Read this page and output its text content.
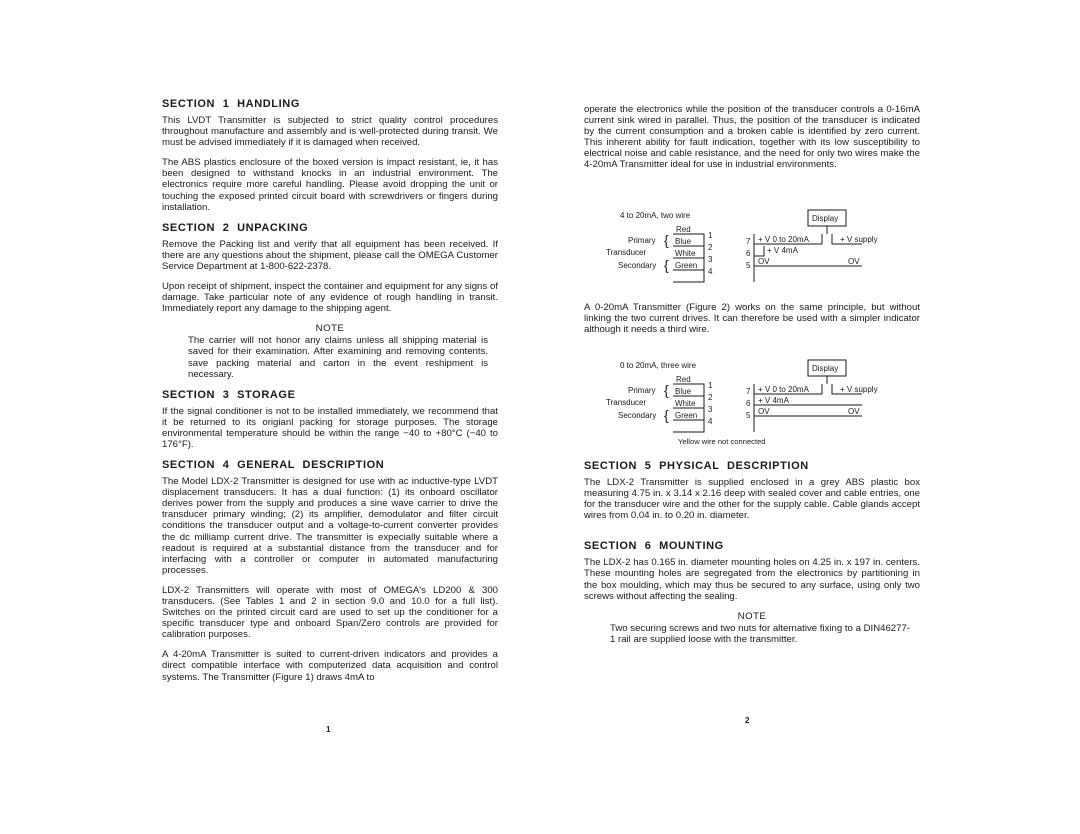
SECTION 1 HANDLING

This LVDT Transmitter is subjected to strict quality control procedures throughout manufacture and assembly and is well-protected during transit. We must be advised immediately if it is damaged when received.

The ABS plastics enclosure of the boxed version is impact resistant, ie, it has been designed to withstand knocks in an industrial environment. The electronics require more careful handling. Please avoid dropping the unit or touching the exposed printed circuit board with screwdrivers or fingers during installation.

SECTION 2 UNPACKING

Remove the Packing list and verify that all equipment has been received. If there are any questions about the shipment, please call the OMEGA Customer Service Department at 1-800-622-2378.

Upon receipt of shipment, inspect the container and equipment for any signs of damage. Take particular note of any evidence of rough handling in transit. Immediately report any damage to the shipping agent.

NOTE

The carrier will not honor any claims unless all shipping material is saved for their examination. After examining and removing contents. save packing material and carton in the event reshipment is necessary.

SECTION 3 STORAGE

If the signal conditioner is not to be installed immediately, we recommend that it be returned to its origianl packing for storage purposes. The storage environmental temperature should be within the range −40 to +80°C (−40 to 176°F).

SECTION 4 GENERAL DESCRIPTION

The Model LDX-2 Transmitter is designed for use with ac inductive-type LVDT displacement transducers. It has a dual function: (1) its onboard oscillator derives power from the supply and produces a sine wave carrier to drive the transducer primary winding; (2) its amplifier, demodulator and filter circuit conditions the transducer output and a voltage-to-current converter provides the dc milliamp current drive. The transmitter is expecially suitable where a readout is required at a substantial distance from the transducer and for interfacing with a controller or computer in automated manufacturing processes.

LDX-2 Transmitters will operate with most of OMEGA's LD200 & 300 transducers. (See Tables 1 and 2 in section 9.0 and 10.0 for a full list). Switches on the printed circuit card are used to set up the conditioner for a specific transducer type and onboard Span/Zero controls are provided for calibration purposes.

A 4-20mA Transmitter is suited to current-driven indicators and provides a direct compatible interface with computerized data acquisition and control systems. The Transmitter (Figure 1) draws 4mA to

1

operate the electronics while the position of the transducer controls a 0-16mA current sink wired in parallel. Thus, the position of the transducer is indicated by the current consumption and a broken cable is identified by zero current. This inherent ability for fault indication, together with its low susceptibility to electrical noise and cable resistance, and the need for only two wires make the 4-20mA Transmitter ideal for use in industrial environments.

4 to 20mA, two wire	Display
Red
Primary { Blue
Transducer	White
Secondary { Green
1
2
3
4
7
6
5
+ V 0 to 20mA
+ V 4mA
OV	OV
+ V supply

A 0-20mA Transmitter (Figure 2) works on the same principle, but without linking the two current drives. It can therefore be used with a simpler indicator although it needs a third wire.

0 to 20mA, three wire	Display
Red
Primary { Blue
Transducer	White
Secondary { Green
1
2
3
4
7
6
5
+ V 0 to 20mA
+ V 4mA
OV	OV
+ V supply
Yellow wire not connected
SECTION 5 PHYSICAL DESCRIPTION

The LDX-2 Transmitter is supplied enclosed in a grey ABS plastic box measuring 4.75 in. x 3.14 x 2.16 deep with sealed cover and cable entries, one for the transducer wire and the other for the supply cable. Cable glands accept wires from 0.04 in. to 0.20 in. diameter.

SECTION 6 MOUNTING

The LDX-2 has 0.165 in. diameter mounting holes on 4.25 in. x 197 in. centers. These mounting holes are segregated from the electronics by partitioning in the box moulding, which may thus be secured to any surface, using only two screws without affecting the sealing.

NOTE

Two securing screws and two nuts for alternative fixing to a DIN46277-1 rail are supplied loose with the transmitter.

2
